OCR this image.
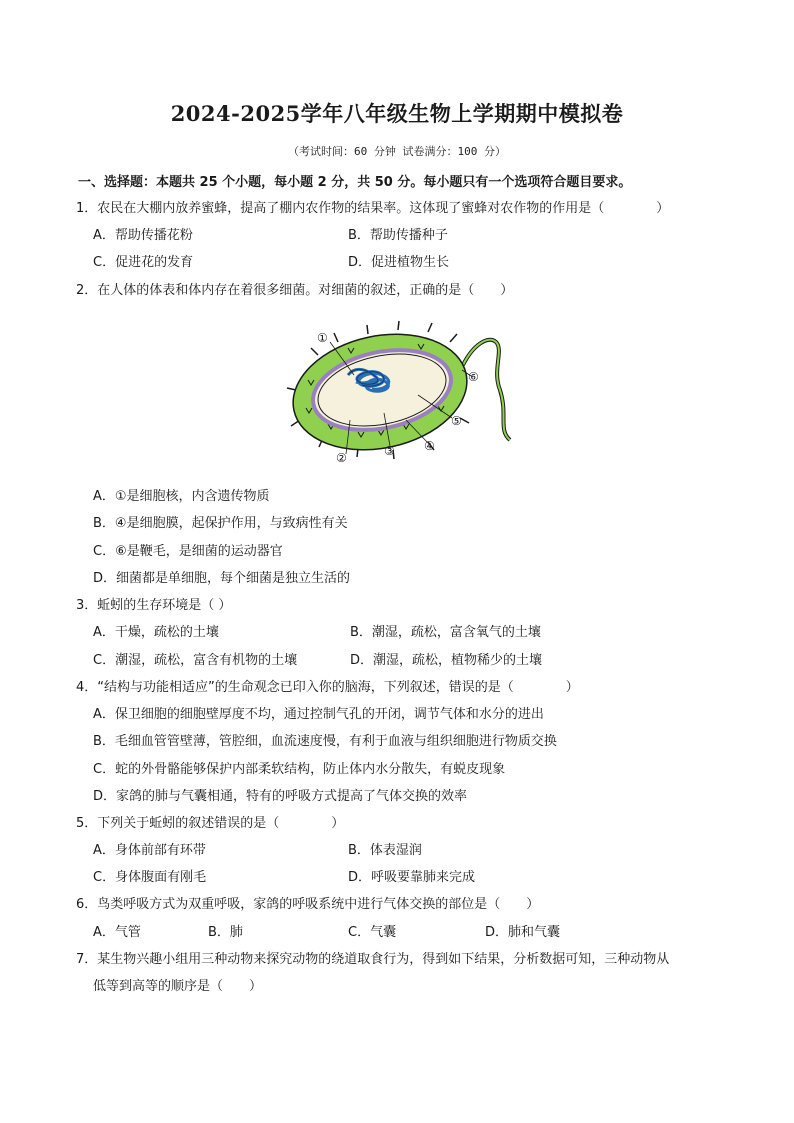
2024-2025学年八年级生物上学期期中模拟卷
（考试时间：60 分钟 试卷满分：100 分）
一、选择题：本题共 25 个小题，每小题 2 分，共 50 分。每小题只有一个选项符合题目要求。
1．农民在大棚内放养蜜蜂，提高了棚内农作物的结果率。这体现了蜜蜂对农作物的作用是（　　　　）
A．帮助传播花粉	B．帮助传播种子
C．促进花的发育	D．促进植物生长
2．在人体的体表和体内存在着很多细菌。对细菌的叙述，正确的是（　　）
①
②	③ ④
⑤
⑥
A．①是细胞核，内含遗传物质
B．④是细胞膜，起保护作用，与致病性有关
C．⑥是鞭毛，是细菌的运动器官
D．细菌都是单细胞，每个细菌是独立生活的
3．蚯蚓的生存环境是（ ）
A．干燥，疏松的土壤	B．潮湿，疏松，富含氧气的土壤
C．潮湿，疏松，富含有机物的土壤	D．潮湿，疏松，植物稀少的土壤
4．“结构与功能相适应”的生命观念已印入你的脑海，下列叙述，错误的是（　　　　）
A．保卫细胞的细胞壁厚度不均，通过控制气孔的开闭，调节气体和水分的进出
B．毛细血管管壁薄，管腔细，血流速度慢，有利于血液与组织细胞进行物质交换
C．蛇的外骨骼能够保护内部柔软结构，防止体内水分散失，有蜕皮现象
D．家鸽的肺与气囊相通，特有的呼吸方式提高了气体交换的效率
5．下列关于蚯蚓的叙述错误的是（　　　　）
A．身体前部有环带	B．体表湿润
C．身体腹面有刚毛	D．呼吸要靠肺来完成
6．鸟类呼吸方式为双重呼吸，家鸽的呼吸系统中进行气体交换的部位是（　　）
A．气管	B．肺	C．气囊	D．肺和气囊
7．某生物兴趣小组用三种动物来探究动物的绕道取食行为，得到如下结果，分析数据可知，三种动物从
低等到高等的顺序是（　　）
